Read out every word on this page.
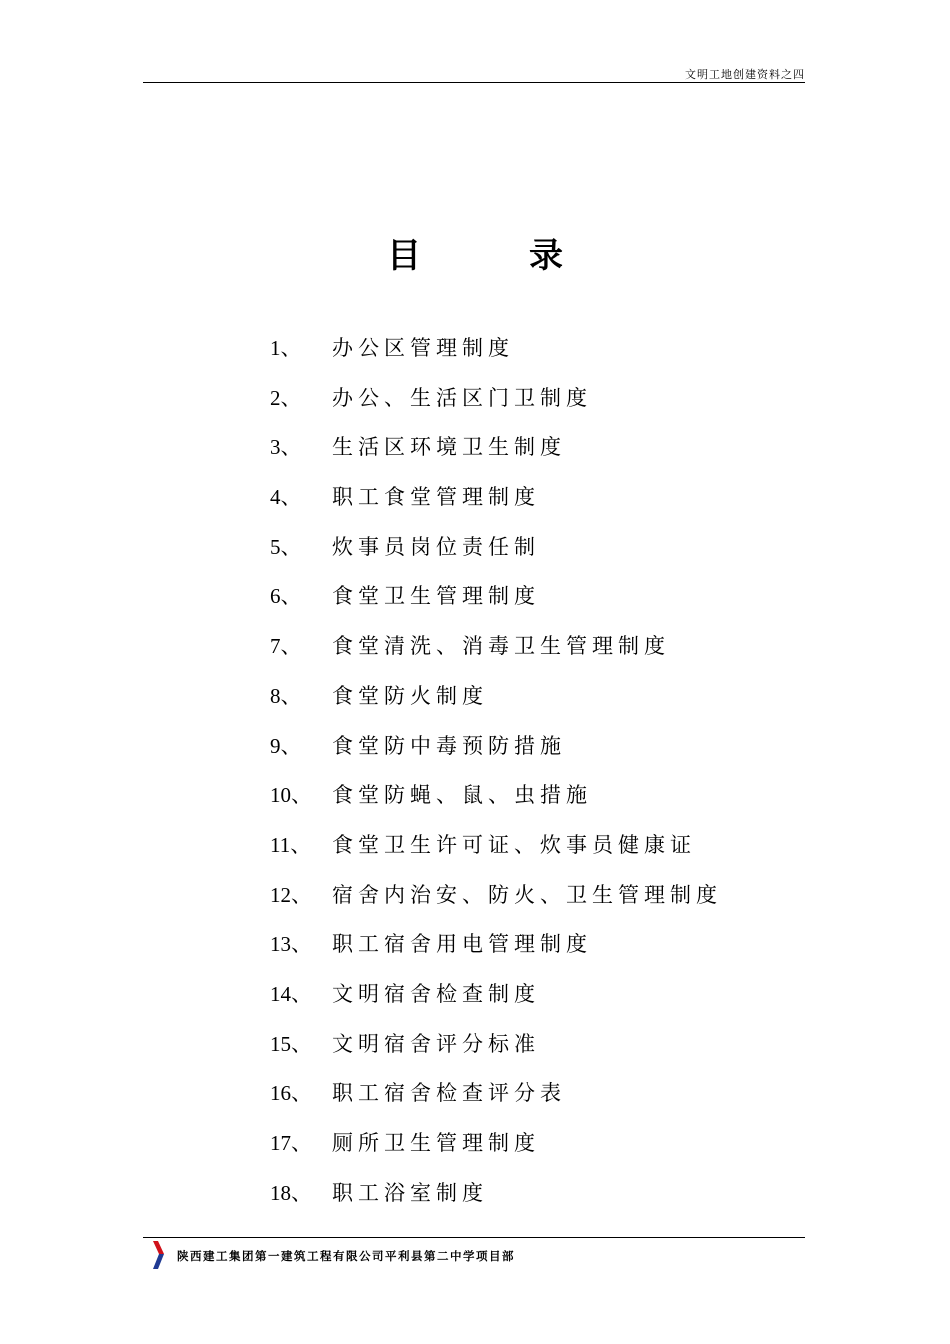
文明工地创建资料之四
目	录
1、	办公区管理制度
2、	办公、生活区门卫制度
3、	生活区环境卫生制度
4、	职工食堂管理制度
5、	炊事员岗位责任制
6、	食堂卫生管理制度
7、	食堂清洗、消毒卫生管理制度
8、	食堂防火制度
9、	食堂防中毒预防措施
10、 食堂防蝇、鼠、虫措施
11、 食堂卫生许可证、炊事员健康证
12、 宿舍内治安、防火、卫生管理制度
13、 职工宿舍用电管理制度
14、 文明宿舍检查制度
15、 文明宿舍评分标准
16、 职工宿舍检查评分表
17、 厕所卫生管理制度
18、 职工浴室制度
陕西建工集团第一建筑工程有限公司平利县第二中学项目部
